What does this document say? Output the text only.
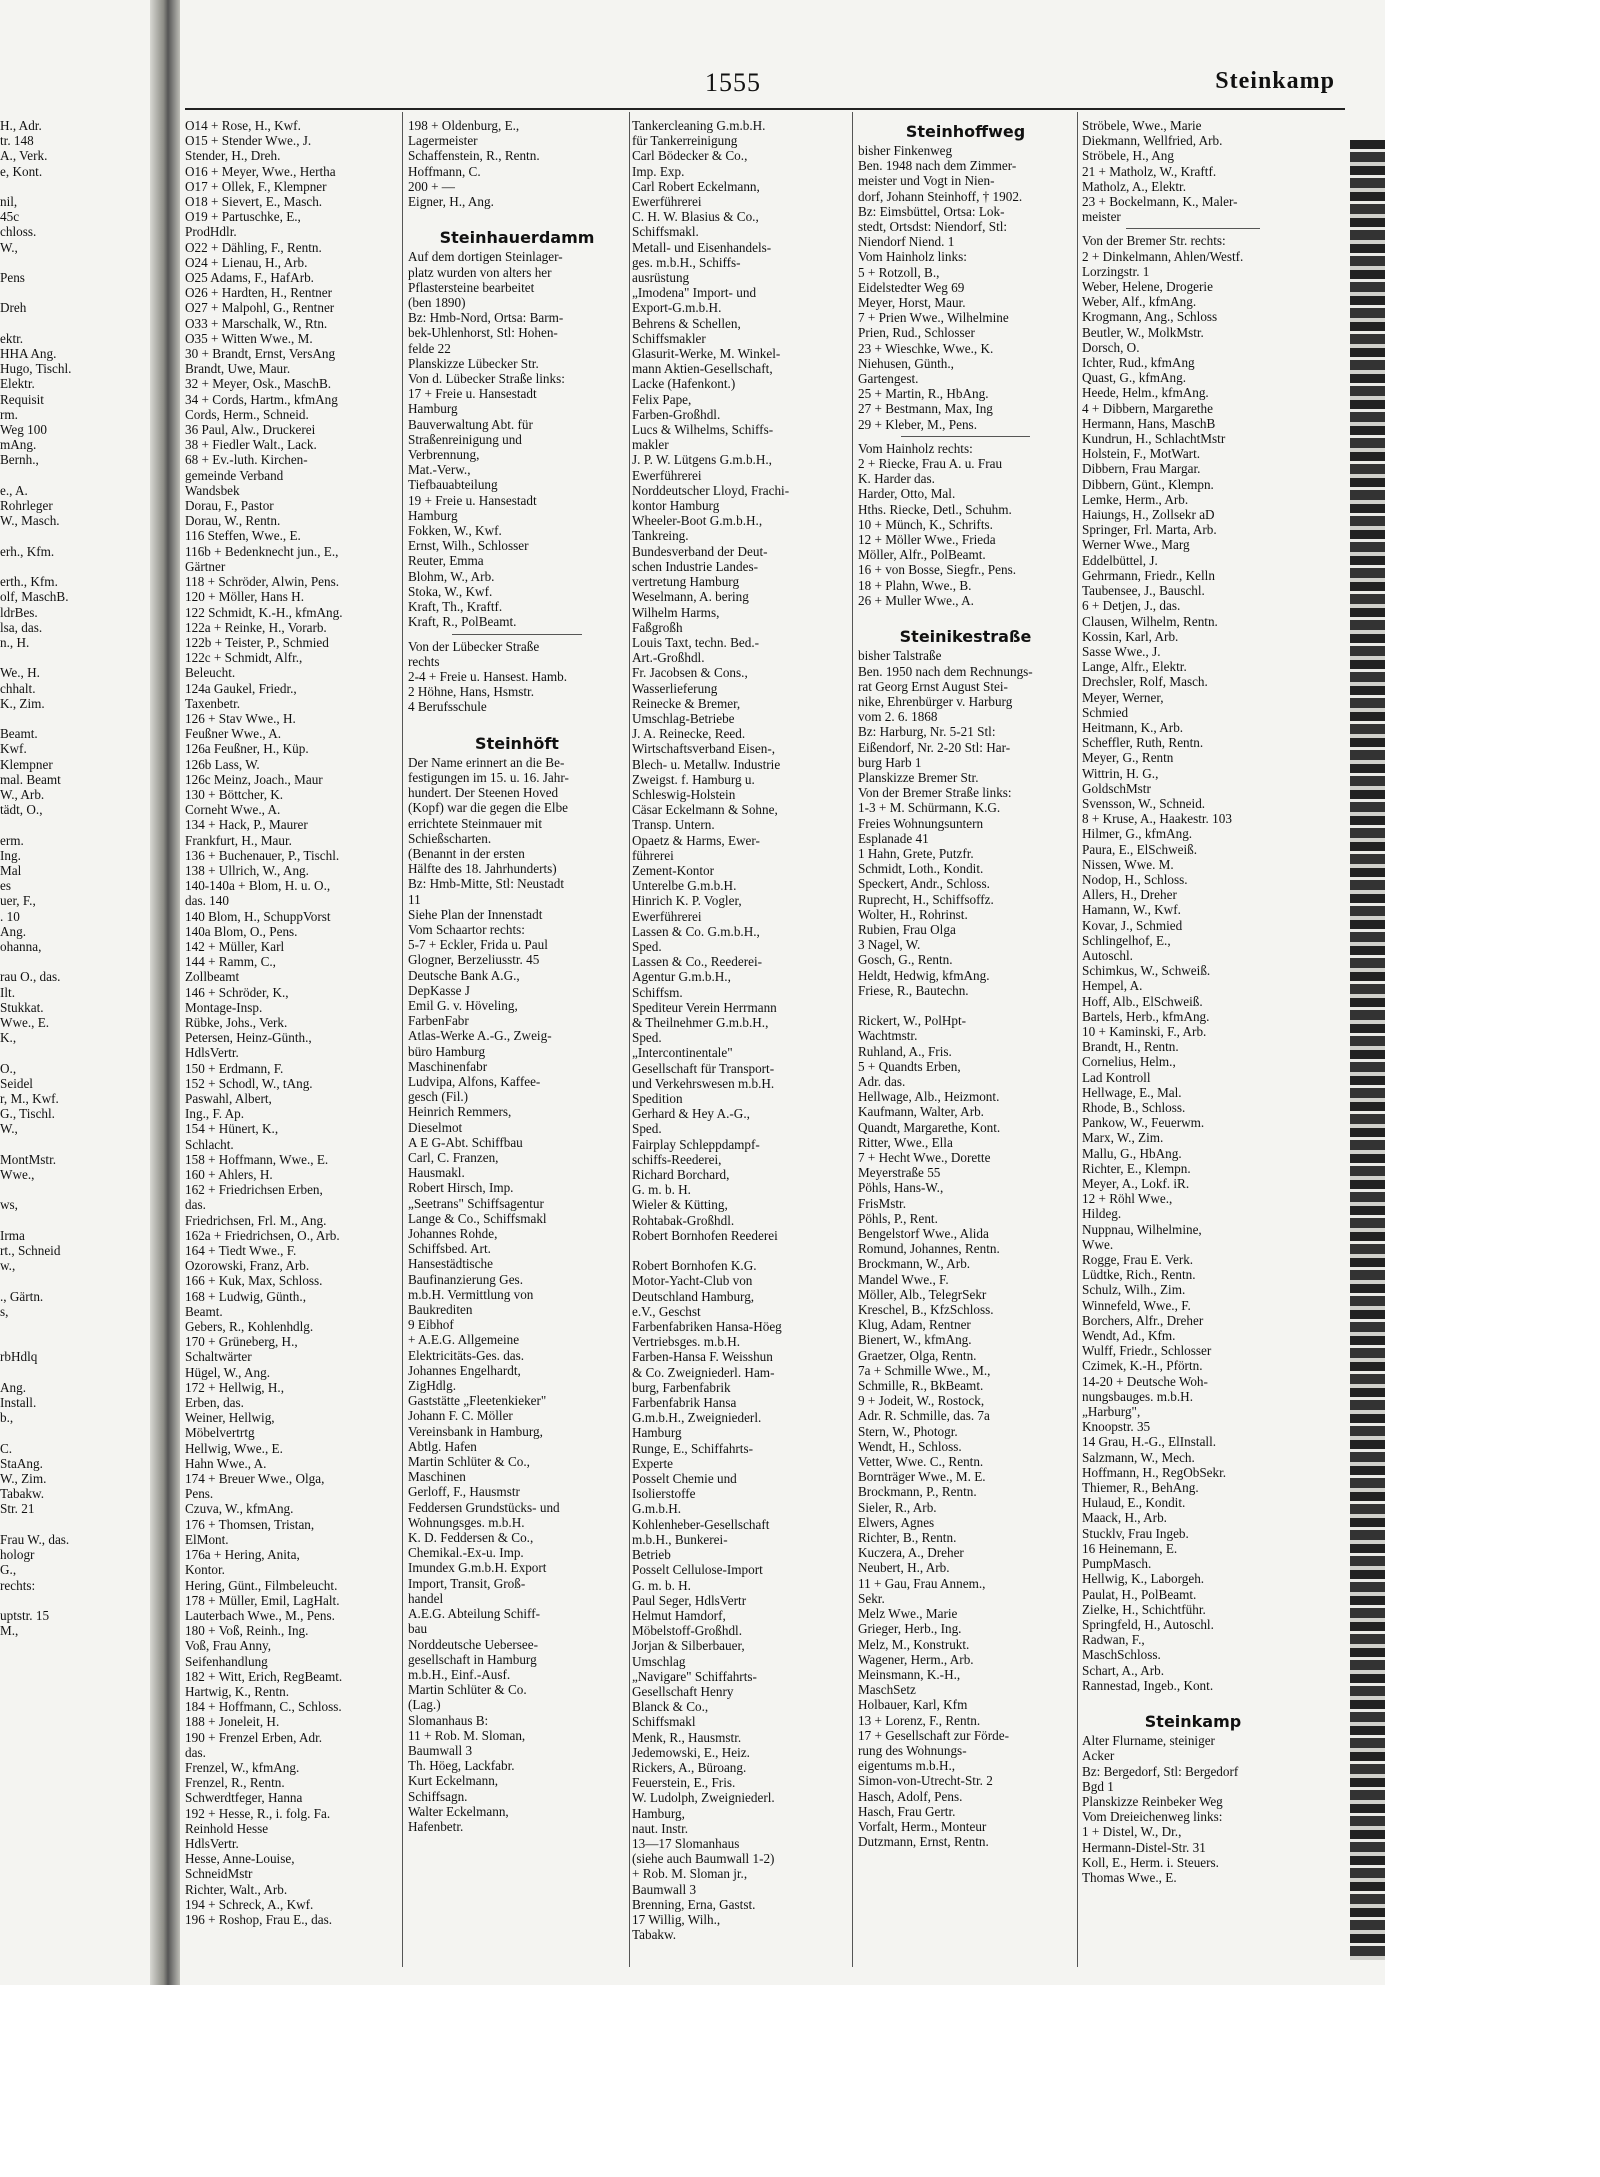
H., Adr.
tr. 148
A., Verk.
e, Kont.

nil,
45c
chloss.
W.,

Pens

Dreh

ektr.
HHA Ang.
Hugo, Tischl.
Elektr.
Requisit
rm.
Weg 100
mAng.
Bernh.,

e., A.
Rohrleger
W., Masch.

erh., Kfm.

erth., Kfm.
olf, MaschB.
ldrBes.
lsa, das.
n., H.

We., H.
chhalt.
K., Zim.

Beamt.
Kwf.
Klempner
mal. Beamt
W., Arb.
tädt, O.,

erm.
Ing.
Mal
es
uer, F.,
. 10
Ang.
ohanna,

rau O., das.
Ilt.
Stukkat.
Wwe., E.
K.,

O.,
Seidel
r, M., Kwf.
G., Tischl.
W.,

MontMstr.
Wwe.,

ws,

Irma
rt., Schneid
w.,

., Gärtn.
s,

rbHdlq

Ang.
Install.
b.,

C.
StaAng.
W., Zim.
Tabakw.
Str. 21

Frau W., das.
hologr
G.,
rechts:

uptstr. 15
M.,
1555	Steinkamp
O14 + Rose, H., Kwf.
O15 + Stender Wwe., J.
Stender, H., Dreh.
O16 + Meyer, Wwe., Hertha
O17 + Ollek, F., Klempner
O18 + Sievert, E., Masch.
O19 + Partuschke, E.,
ProdHdlr.
O22 + Dähling, F., Rentn.
O24 + Lienau, H., Arb.
O25 Adams, F., HafArb.
O26 + Hardten, H., Rentner
O27 + Malpohl, G., Rentner
O33 + Marschalk, W., Rtn.
O35 + Witten Wwe., M.
30 + Brandt, Ernst, VersAng
Brandt, Uwe, Maur.
32 + Meyer, Osk., MaschB.
34 + Cords, Hartm., kfmAng
Cords, Herm., Schneid.
36 Paul, Alw., Druckerei
38 + Fiedler Walt., Lack.
68 + Ev.-luth. Kirchen-
gemeinde Verband
Wandsbek
Dorau, F., Pastor
Dorau, W., Rentn.
116 Steffen, Wwe., E.
116b + Bedenknecht jun., E.,
Gärtner
118 + Schröder, Alwin, Pens.
120 + Möller, Hans H.
122 Schmidt, K.-H., kfmAng.
122a + Reinke, H., Vorarb.
122b + Teister, P., Schmied
122c + Schmidt, Alfr.,
Beleucht.
124a Gaukel, Friedr.,
Taxenbetr.
126 + Stav Wwe., H.
Feußner Wwe., A.
126a Feußner, H., Küp.
126b Lass, W.
126c Meinz, Joach., Maur
130 + Böttcher, K.
Corneht Wwe., A.
134 + Hack, P., Maurer
Frankfurt, H., Maur.
136 + Buchenauer, P., Tischl.
138 + Ullrich, W., Ang.
140-140a + Blom, H. u. O.,
das. 140
140 Blom, H., SchuppVorst
140a Blom, O., Pens.
142 + Müller, Karl
144 + Ramm, C.,
Zollbeamt
146 + Schröder, K.,
Montage-Insp.
Rübke, Johs., Verk.
Petersen, Heinz-Günth.,
HdlsVertr.
150 + Erdmann, F.
152 + Schodl, W., tAng.
Paswahl, Albert,
Ing., F. Ap.
154 + Hünert, K.,
Schlacht.
158 + Hoffmann, Wwe., E.
160 + Ahlers, H.
162 + Friedrichsen Erben,
das.
Friedrichsen, Frl. M., Ang.
162a + Friedrichsen, O., Arb.
164 + Tiedt Wwe., F.
Ozorowski, Franz, Arb.
166 + Kuk, Max, Schloss.
168 + Ludwig, Günth.,
Beamt.
Gebers, R., Kohlenhdlg.
170 + Grüneberg, H.,
Schaltwärter
Hügel, W., Ang.
172 + Hellwig, H.,
Erben, das.
Weiner, Hellwig,
Möbelvertrtg
Hellwig, Wwe., E.
Hahn Wwe., A.
174 + Breuer Wwe., Olga,
Pens.
Czuva, W., kfmAng.
176 + Thomsen, Tristan,
ElMont.
176a + Hering, Anita,
Kontor.
Hering, Günt., Filmbeleucht.
178 + Müller, Emil, LagHalt.
Lauterbach Wwe., M., Pens.
180 + Voß, Reinh., Ing.
Voß, Frau Anny,
Seifenhandlung
182 + Witt, Erich, RegBeamt.
Hartwig, K., Rentn.
184 + Hoffmann, C., Schloss.
188 + Joneleit, H.
190 + Frenzel Erben, Adr.
das.
Frenzel, W., kfmAng.
Frenzel, R., Rentn.
Schwerdtfeger, Hanna
192 + Hesse, R., i. folg. Fa.
Reinhold Hesse
HdlsVertr.
Hesse, Anne-Louise,
SchneidMstr
Richter, Walt., Arb.
194 + Schreck, A., Kwf.
196 + Roshop, Frau E., das.
198 + Oldenburg, E.,
Lagermeister
Schaffenstein, R., Rentn.
Hoffmann, C.
200 + —
Eigner, H., Ang.

Steinhauerdamm
Auf dem dortigen Steinlager-
platz wurden von alters her
Pflastersteine bearbeitet
(ben 1890)
Bz: Hmb-Nord, Ortsa: Barm-
bek-Uhlenhorst, Stl: Hohen-
felde 22
Planskizze Lübecker Str.
Von d. Lübecker Straße links:
17 + Freie u. Hansestadt
Hamburg
Bauverwaltung Abt. für
Straßenreinigung und
Verbrennung,
Mat.-Verw.,
Tiefbauabteilung
19 + Freie u. Hansestadt
Hamburg
Fokken, W., Kwf.
Ernst, Wilh., Schlosser
Reuter, Emma
Blohm, W., Arb.
Stoka, W., Kwf.
Kraft, Th., Kraftf.
Kraft, R., PolBeamt.
Von der Lübecker Straße
rechts
2-4 + Freie u. Hansest. Hamb.
2 Höhne, Hans, Hsmstr.
4 Berufsschule

Steinhöft
Der Name erinnert an die Be-
festigungen im 15. u. 16. Jahr-
hundert. Der Steenen Hoved
(Kopf) war die gegen die Elbe
errichtete Steinmauer mit
Schießscharten.
(Benannt in der ersten
Hälfte des 18. Jahrhunderts)
Bz: Hmb-Mitte, Stl: Neustadt
11
Siehe Plan der Innenstadt
Vom Schaartor rechts:
5-7 + Eckler, Frida u. Paul
Glogner, Berzeliusstr. 45
Deutsche Bank A.G.,
DepKasse J
Emil G. v. Höveling,
FarbenFabr
Atlas-Werke A.-G., Zweig-
büro Hamburg
Maschinenfabr
Ludvipa, Alfons, Kaffee-
gesch (Fil.)
Heinrich Remmers,
Dieselmot
A E G-Abt. Schiffbau
Carl, C. Franzen,
Hausmakl.
Robert Hirsch, Imp.
„Seetrans" Schiffsagentur
Lange & Co., Schiffsmakl
Johannes Rohde,
Schiffsbed. Art.
Hansestädtische
Baufinanzierung Ges.
m.b.H. Vermittlung von
Baukrediten
9 Eibhof
+ A.E.G. Allgemeine
Elektricitäts-Ges. das.
Johannes Engelhardt,
ZigHdlg.
Gaststätte „Fleetenkieker"
Johann F. C. Möller
Vereinsbank in Hamburg,
Abtlg. Hafen
Martin Schlüter & Co.,
Maschinen
Gerloff, F., Hausmstr
Feddersen Grundstücks- und
Wohnungsges. m.b.H.
K. D. Feddersen & Co.,
Chemikal.-Ex-u. Imp.
Imundex G.m.b.H. Export
Import, Transit, Groß-
handel
A.E.G. Abteilung Schiff-
bau
Norddeutsche Uebersee-
gesellschaft in Hamburg
m.b.H., Einf.-Ausf.
Martin Schlüter & Co.
(Lag.)
Slomanhaus B:
11 + Rob. M. Sloman,
Baumwall 3
Th. Höeg, Lackfabr.
Kurt Eckelmann,
Schiffsagn.
Walter Eckelmann,
Hafenbetr.
Tankercleaning G.m.b.H.
für Tankerreinigung
Carl Bödecker & Co.,
Imp. Exp.
Carl Robert Eckelmann,
Ewerführerei
C. H. W. Blasius & Co.,
Schiffsmakl.
Metall- und Eisenhandels-
ges. m.b.H., Schiffs-
ausrüstung
„Imodena" Import- und
Export-G.m.b.H.
Behrens & Schellen,
Schiffsmakler
Glasurit-Werke, M. Winkel-
mann Aktien-Gesellschaft,
Lacke (Hafenkont.)
Felix Pape,
Farben-Großhdl.
Lucs & Wilhelms, Schiffs-
makler
J. P. W. Lütgens G.m.b.H.,
Ewerführerei
Norddeutscher Lloyd, Frachi-
kontor Hamburg
Wheeler-Boot G.m.b.H.,
Tankreing.
Bundesverband der Deut-
schen Industrie Landes-
vertretung Hamburg
Weselmann, A. bering
Wilhelm Harms,
Faßgroßh
Louis Taxt, techn. Bed.-
Art.-Großhdl.
Fr. Jacobsen & Cons.,
Wasserlieferung
Reinecke & Bremer,
Umschlag-Betriebe
J. A. Reinecke, Reed.
Wirtschaftsverband Eisen-,
Blech- u. Metallw. Industrie
Zweigst. f. Hamburg u.
Schleswig-Holstein
Cäsar Eckelmann & Sohne,
Transp. Untern.
Opaetz & Harms, Ewer-
führerei
Zement-Kontor
Unterelbe G.m.b.H.
Hinrich K. P. Vogler,
Ewerführerei
Lassen & Co. G.m.b.H.,
Sped.
Lassen & Co., Reederei-
Agentur G.m.b.H.,
Schiffsm.
Spediteur Verein Herrmann
& Theilnehmer G.m.b.H.,
Sped.
„Intercontinentale"
Gesellschaft für Transport-
und Verkehrswesen m.b.H.
Spedition
Gerhard & Hey A.-G.,
Sped.
Fairplay Schleppdampf-
schiffs-Reederei,
Richard Borchard,
G. m. b. H.
Wieler & Kütting,
Rohtabak-Großhdl.
Robert Bornhofen Reederei

Robert Bornhofen K.G.
Motor-Yacht-Club von
Deutschland Hamburg,
e.V., Geschst
Farbenfabriken Hansa-Höeg
Vertriebsges. m.b.H.
Farben-Hansa F. Weisshun
& Co. Zweigniederl. Ham-
burg, Farbenfabrik
Farbenfabrik Hansa
G.m.b.H., Zweigniederl.
Hamburg
Runge, E., Schiffahrts-
Experte
Posselt Chemie und
Isolierstoffe
G.m.b.H.
Kohlenheber-Gesellschaft
m.b.H., Bunkerei-
Betrieb
Posselt Cellulose-Import
G. m. b. H.
Paul Seger, HdlsVertr
Helmut Hamdorf,
Möbelstoff-Großhdl.
Jorjan & Silberbauer,
Umschlag
„Navigare" Schiffahrts-
Gesellschaft Henry
Blanck & Co.,
Schiffsmakl
Menk, R., Hausmstr.
Jedemowski, E., Heiz.
Rickers, A., Büroang.
Feuerstein, E., Fris.
W. Ludolph, Zweigniederl.
Hamburg,
naut. Instr.
13—17 Slomanhaus
(siehe auch Baumwall 1-2)
+ Rob. M. Sloman jr.,
Baumwall 3
Brenning, Erna, Gastst.
17 Willig, Wilh.,
Tabakw.
Steinhoffweg
bisher Finkenweg
Ben. 1948 nach dem Zimmer-
meister und Vogt in Nien-
dorf, Johann Steinhoff, † 1902.
Bz: Eimsbüttel, Ortsa: Lok-
stedt, Ortsdst: Niendorf, Stl:
Niendorf Niend. 1
Vom Hainholz links:
5 + Rotzoll, B.,
Eidelstedter Weg 69
Meyer, Horst, Maur.
7 + Prien Wwe., Wilhelmine
Prien, Rud., Schlosser
23 + Wieschke, Wwe., K.
Niehusen, Günth.,
Gartengest.
25 + Martin, R., HbAng.
27 + Bestmann, Max, Ing
29 + Kleber, M., Pens.
Vom Hainholz rechts:
2 + Riecke, Frau A. u. Frau
K. Harder das.
Harder, Otto, Mal.
Hths. Riecke, Detl., Schuhm.
10 + Münch, K., Schrifts.
12 + Möller Wwe., Frieda
Möller, Alfr., PolBeamt.
16 + von Bosse, Siegfr., Pens.
18 + Plahn, Wwe., B.
26 + Muller Wwe., A.

Steinikestraße
bisher Talstraße
Ben. 1950 nach dem Rechnungs-
rat Georg Ernst August Stei-
nike, Ehrenbürger v. Harburg
vom 2. 6. 1868
Bz: Harburg, Nr. 5-21 Stl:
Eißendorf, Nr. 2-20 Stl: Har-
burg Harb 1
Planskizze Bremer Str.
Von der Bremer Straße links:
1-3 + M. Schürmann, K.G.
Freies Wohnungsuntern
Esplanade 41
1 Hahn, Grete, Putzfr.
Schmidt, Loth., Kondit.
Speckert, Andr., Schloss.
Ruprecht, H., Schiffsoffz.
Wolter, H., Rohrinst.
Rubien, Frau Olga
3 Nagel, W.
Gosch, G., Rentn.
Heldt, Hedwig, kfmAng.
Friese, R., Bautechn.

Rickert, W., PolHpt-
Wachtmstr.
Ruhland, A., Fris.
5 + Quandts Erben,
Adr. das.
Hellwage, Alb., Heizmont.
Kaufmann, Walter, Arb.
Quandt, Margarethe, Kont.
Ritter, Wwe., Ella
7 + Hecht Wwe., Dorette
Meyerstraße 55
Pöhls, Hans-W.,
FrisMstr.
Pöhls, P., Rent.
Bengelstorf Wwe., Alida
Romund, Johannes, Rentn.
Brockmann, W., Arb.
Mandel Wwe., F.
Möller, Alb., TelegrSekr
Kreschel, B., KfzSchloss.
Klug, Adam, Rentner
Bienert, W., kfmAng.
Graetzer, Olga, Rentn.
7a + Schmille Wwe., M.,
Schmille, R., BkBeamt.
9 + Jodeit, W., Rostock,
Adr. R. Schmille, das. 7a
Stern, W., Photogr.
Wendt, H., Schloss.
Vetter, Wwe. C., Rentn.
Bornträger Wwe., M. E.
Brockmann, P., Rentn.
Sieler, R., Arb.
Elwers, Agnes
Richter, B., Rentn.
Kuczera, A., Dreher
Neubert, H., Arb.
11 + Gau, Frau Annem.,
Sekr.
Melz Wwe., Marie
Grieger, Herb., Ing.
Melz, M., Konstrukt.
Wagener, Herm., Arb.
Meinsmann, K.-H.,
MaschSetz
Holbauer, Karl, Kfm
13 + Lorenz, F., Rentn.
17 + Gesellschaft zur Förde-
rung des Wohnungs-
eigentums m.b.H.,
Simon-von-Utrecht-Str. 2
Hasch, Adolf, Pens.
Hasch, Frau Gertr.
Vorfalt, Herm., Monteur
Dutzmann, Ernst, Rentn.
Ströbele, Wwe., Marie
Diekmann, Wellfried, Arb.
Ströbele, H., Ang
21 + Matholz, W., Kraftf.
Matholz, A., Elektr.
23 + Bockelmann, K., Maler-
meister
Von der Bremer Str. rechts:
2 + Dinkelmann, Ahlen/Westf.
Lorzingstr. 1
Weber, Helene, Drogerie
Weber, Alf., kfmAng.
Krogmann, Ang., Schloss
Beutler, W., MolkMstr.
Dorsch, O.
Ichter, Rud., kfmAng
Quast, G., kfmAng.
Heede, Helm., kfmAng.
4 + Dibbern, Margarethe
Hermann, Hans, MaschB
Kundrun, H., SchlachtMstr
Holstein, F., MotWart.
Dibbern, Frau Margar.
Dibbern, Günt., Klempn.
Lemke, Herm., Arb.
Haiungs, H., Zollsekr aD
Springer, Frl. Marta, Arb.
Werner Wwe., Marg
Eddelbüttel, J.
Gehrmann, Friedr., Kelln
Taubensee, J., Bauschl.
6 + Detjen, J., das.
Clausen, Wilhelm, Rentn.
Kossin, Karl, Arb.
Sasse Wwe., J.
Lange, Alfr., Elektr.
Drechsler, Rolf, Masch.
Meyer, Werner,
Schmied
Heitmann, K., Arb.
Scheffler, Ruth, Rentn.
Meyer, G., Rentn
Wittrin, H. G.,
GoldschMstr
Svensson, W., Schneid.
8 + Kruse, A., Haakestr. 103
Hilmer, G., kfmAng.
Paura, E., ElSchweiß.
Nissen, Wwe. M.
Nodop, H., Schloss.
Allers, H., Dreher
Hamann, W., Kwf.
Kovar, J., Schmied
Schlingelhof, E.,
Autoschl.
Schimkus, W., Schweiß.
Hempel, A.
Hoff, Alb., ElSchweiß.
Bartels, Herb., kfmAng.
10 + Kaminski, F., Arb.
Brandt, H., Rentn.
Cornelius, Helm.,
Lad Kontroll
Hellwage, E., Mal.
Rhode, B., Schloss.
Pankow, W., Feuerwm.
Marx, W., Zim.
Mallu, G., HbAng.
Richter, E., Klempn.
Meyer, A., Lokf. iR.
12 + Röhl Wwe.,
Hildeg.
Nuppnau, Wilhelmine,
Wwe.
Rogge, Frau E. Verk.
Lüdtke, Rich., Rentn.
Schulz, Wilh., Zim.
Winnefeld, Wwe., F.
Borchers, Alfr., Dreher
Wendt, Ad., Kfm.
Wulff, Friedr., Schlosser
Czimek, K.-H., Pförtn.
14-20 + Deutsche Woh-
nungsbauges. m.b.H.
„Harburg",
Knoopstr. 35
14 Grau, H.-G., ElInstall.
Salzmann, W., Mech.
Hoffmann, H., RegObSekr.
Thiemer, R., BehAng.
Hulaud, E., Kondit.
Maack, H., Arb.
Stucklv, Frau Ingeb.
16 Heinemann, E.
PumpMasch.
Hellwig, K., Laborgeh.
Paulat, H., PolBeamt.
Zielke, H., Schichtführ.
Springfeld, H., Autoschl.
Radwan, F.,
MaschSchloss.
Schart, A., Arb.
Rannestad, Ingeb., Kont.

Steinkamp
Alter Flurname, steiniger
Acker
Bz: Bergedorf, Stl: Bergedorf
Bgd 1
Planskizze Reinbeker Weg
Vom Dreieichenweg links:
1 + Distel, W., Dr.,
Hermann-Distel-Str. 31
Koll, E., Herm. i. Steuers.
Thomas Wwe., E.
